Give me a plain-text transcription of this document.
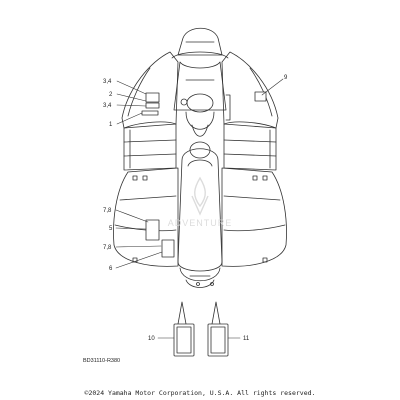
ADVENTURE
3,4
2
3,4
1
9
7,8
5
7,8
6
10	11
BD31110-R380
©2024 Yamaha Motor Corporation, U.S.A. All rights reserved.
